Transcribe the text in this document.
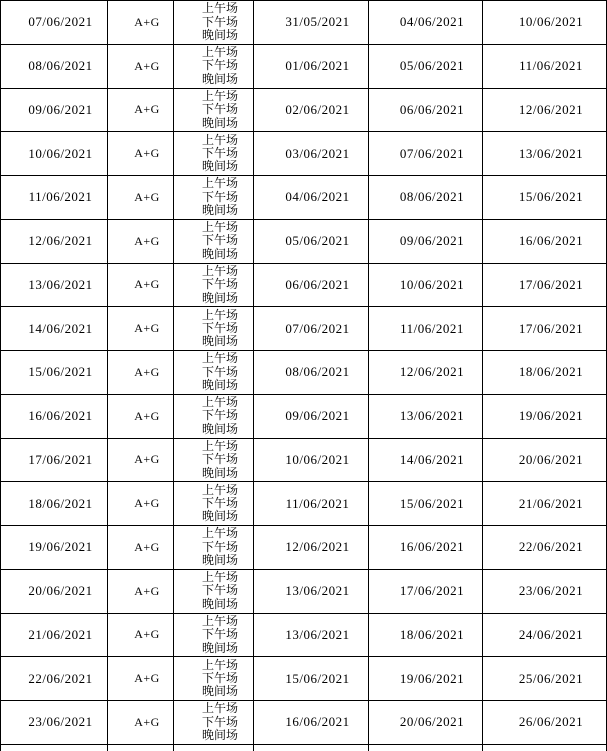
07/06/2021	A+G	上午场
下午场
晚间场	31/05/2021	04/06/2021	10/06/2021
08/06/2021	A+G	上午场
下午场
晚间场	01/06/2021	05/06/2021	11/06/2021
09/06/2021	A+G	上午场
下午场
晚间场	02/06/2021	06/06/2021	12/06/2021
10/06/2021	A+G	上午场
下午场
晚间场	03/06/2021	07/06/2021	13/06/2021
11/06/2021	A+G	上午场
下午场
晚间场	04/06/2021	08/06/2021	15/06/2021
12/06/2021	A+G	上午场
下午场
晚间场	05/06/2021	09/06/2021	16/06/2021
13/06/2021	A+G	上午场
下午场
晚间场	06/06/2021	10/06/2021	17/06/2021
14/06/2021	A+G	上午场
下午场
晚间场	07/06/2021	11/06/2021	17/06/2021
15/06/2021	A+G	上午场
下午场
晚间场	08/06/2021	12/06/2021	18/06/2021
16/06/2021	A+G	上午场
下午场
晚间场	09/06/2021	13/06/2021	19/06/2021
17/06/2021	A+G	上午场
下午场
晚间场	10/06/2021	14/06/2021	20/06/2021
18/06/2021	A+G	上午场
下午场
晚间场	11/06/2021	15/06/2021	21/06/2021
19/06/2021	A+G	上午场
下午场
晚间场	12/06/2021	16/06/2021	22/06/2021
20/06/2021	A+G	上午场
下午场
晚间场	13/06/2021	17/06/2021	23/06/2021
21/06/2021	A+G	上午场
下午场
晚间场	13/06/2021	18/06/2021	24/06/2021
22/06/2021	A+G	上午场
下午场
晚间场	15/06/2021	19/06/2021	25/06/2021
23/06/2021	A+G	上午场
下午场
晚间场	16/06/2021	20/06/2021	26/06/2021
